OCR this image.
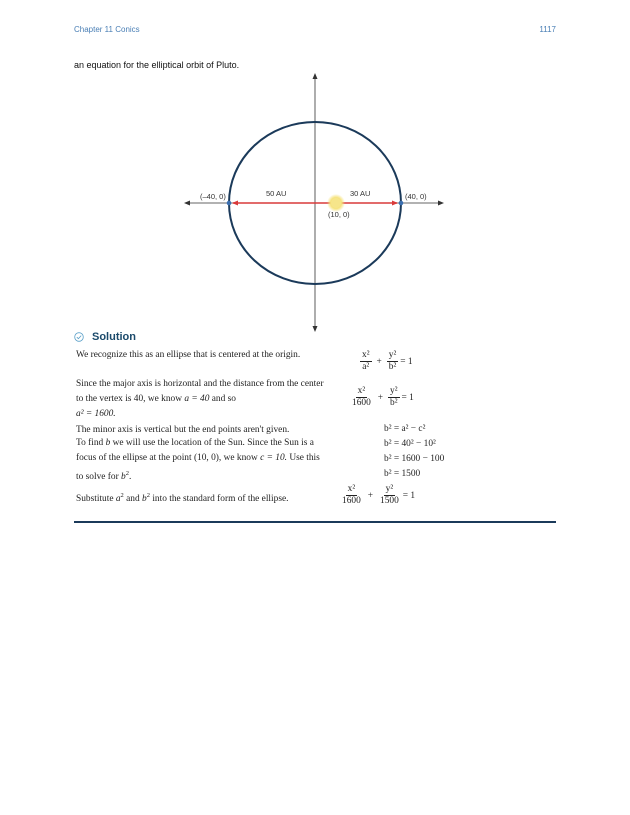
Chapter 11 Conics	1117
an equation for the elliptical orbit of Pluto.
(–40, 0)	(40, 0)
(10, 0)
50 AU	30 AU
Solution
We recognize this as an ellipse that is centered at the origin.
Since the major axis is horizontal and the distance from the center to the vertex is 40, we know a = 40 and so
a² = 1600.
The minor axis is vertical but the end points aren't given.
To find b we will use the location of the Sun. Since the Sun is a focus of the ellipse at the point (10, 0), we know c = 10. Use this to solve for $b^2$.
Substitute $a^2$ and $b^2$ into the standard form of the ellipse.
$\frac{\text{x²}}{\text{a²}} + \frac{\text{y²}}{\text{b²}} = 1$
$\frac{\text{x²}}{1600} + \frac{\text{y²}}{\text{b²}} = 1$
b² = a² − c²
b² = 40² − 10²
b² = 1600 − 100
b² = 1500
$\frac{\text{x²}}{1600} + \frac{\text{y²}}{1500} = 1$
